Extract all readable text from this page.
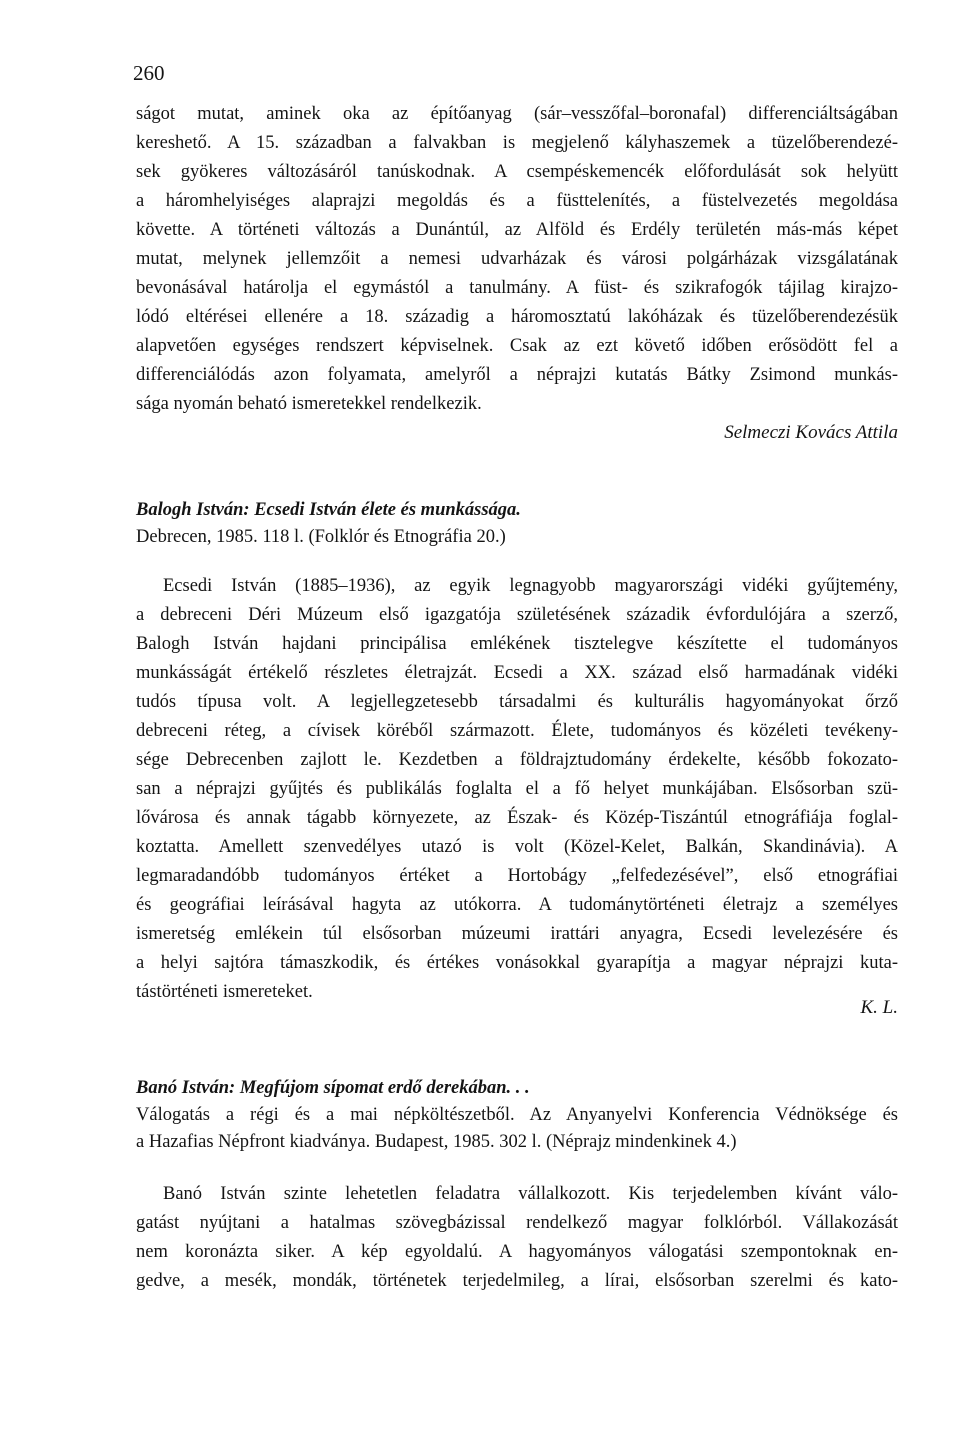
260
ságot mutat, aminek oka az építőanyag (sár–vesszőfal–boronafal) differenciáltságában
kereshető. A 15. században a falvakban is megjelenő kályhaszemek a tüzelőberendezé-
sek gyökeres változásáról tanúskodnak. A csempéskemencék előfordulását sok helyütt
a háromhelyiséges alaprajzi megoldás és a füsttelenítés, a füstelvezetés megoldása
követte. A történeti változás a Dunántúl, az Alföld és Erdély területén más-más képet
mutat, melynek jellemzőit a nemesi udvarházak és városi polgárházak vizsgálatának
bevonásával határolja el egymástól a tanulmány. A füst- és szikrafogók tájilag kirajzo-
lódó eltérései ellenére a 18. századig a háromosztatú lakóházak és tüzelőberendezésük
alapvetően egységes rendszert képviselnek. Csak az ezt követő időben erősödött fel a
differenciálódás azon folyamata, amelyről a néprajzi kutatás Bátky Zsimond munkás-
sága nyomán beható ismeretekkel rendelkezik.
Selmeczi Kovács Attila
Balogh István: Ecsedi István élete és munkássága.
Debrecen, 1985. 118 l. (Folklór és Etnográfia 20.)
Ecsedi István (1885–1936), az egyik legnagyobb magyarországi vidéki gyűjtemény,
a debreceni Déri Múzeum első igazgatója születésének századik évfordulójára a szerző,
Balogh István hajdani principálisa emlékének tisztelegve készítette el tudományos
munkásságát értékelő részletes életrajzát. Ecsedi a XX. század első harmadának vidéki
tudós típusa volt. A legjellegzetesebb társadalmi és kulturális hagyományokat őrző
debreceni réteg, a cívisek köréből származott. Élete, tudományos és közéleti tevékeny-
sége Debrecenben zajlott le. Kezdetben a földrajztudomány érdekelte, később fokozato-
san a néprajzi gyűjtés és publikálás foglalta el a fő helyet munkájában. Elsősorban szü-
lővárosa és annak tágabb környezete, az Észak- és Közép-Tiszántúl etnográfiája foglal-
koztatta. Amellett szenvedélyes utazó is volt (Közel-Kelet, Balkán, Skandinávia). A
legmaradandóbb tudományos értéket a Hortobágy „felfedezésével”, első etnográfiai
és geográfiai leírásával hagyta az utókorra. A tudománytörténeti életrajz a személyes
ismeretség emlékein túl elsősorban múzeumi irattári anyagra, Ecsedi levelezésére és
a helyi sajtóra támaszkodik, és értékes vonásokkal gyarapítja a magyar néprajzi kuta-
tástörténeti ismereteket.
K. L.
Banó István: Megfújom sípomat erdő derekában. . .
Válogatás a régi és a mai népköltészetből. Az Anyanyelvi Konferencia Védnöksége és
a Hazafias Népfront kiadványa. Budapest, 1985. 302 l. (Néprajz mindenkinek 4.)
Banó István szinte lehetetlen feladatra vállalkozott. Kis terjedelemben kívánt válo-
gatást nyújtani a hatalmas szövegbázissal rendelkező magyar folklórból. Vállakozását
nem koronázta siker. A kép egyoldalú. A hagyományos válogatási szempontoknak en-
gedve, a mesék, mondák, történetek terjedelmileg, a lírai, elsősorban szerelmi és kato-
